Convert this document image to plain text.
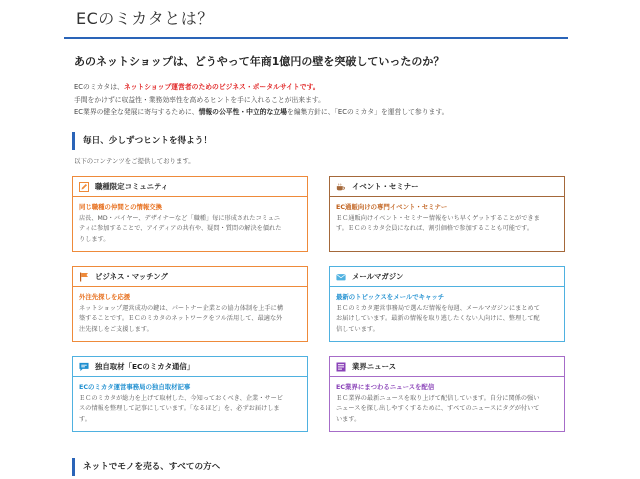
ECのミカタとは？
あのネットショップは、どうやって年商1億円の壁を突破していったのか？
ECのミカタは、ネットショップ運営者のためのビジネス・ポータルサイトです。
手間をかけずに収益性・業務効率性を高めるヒントを手に入れることが出来ます。
EC業界の健全な発展に寄与するために、情報の公平性・中立的な立場を編集方針に、「ECのミカタ」を運営して参ります。
毎日、少しずつヒントを得よう！
以下のコンテンツをご提供しております。
職種限定コミュニティ
同じ職種の仲間との情報交換
店長、MD・バイヤー、デザイナーなど「職種」毎に形成されたコミュニ
ティに参加することで、アイディアの共有や、疑問・質問の解決を價れた
りします。
イベント・セミナー
EC通販向けの専門イベント・セミナー
ＥＣ通販向けイベント・セミナー情報をいち早くゲットすることができま
す。ＥＣのミカタ会員になれば、割引価格で参加することも可能です。
ビジネス・マッチング
外注先探しを応援
ネットショップ運営成功の鍵は、パートナー企業との協力体制を上手に構
築することです。ＥＣのミカタのネットワークをフル活用して、最適な外
注先探しをご支援します。
メールマガジン
最新のトピックスをメールでキャッチ
ＥＣのミカタ運営事務局で選んだ情報を毎週、メールマガジンにまとめて
お届けしています。最新の情報を取り逃したくない人向けに、整理して配
信しています。
独自取材「ECのミカタ通信」
ECのミカタ運営事務局の独自取材記事
ＥＣのミカタが総力を上げて取材した、今知っておくべき、企業・サービ
スの情報を整理して記事にしています。「なるほど」を、必ずお届けしま
す。
業界ニュース
EC業界にまつわるニュースを配信
ＥＣ業界の最新ニュースを取り上げて配信しています。自分に関係の强い
ニュースを探し出しやすくするために、すべてのニュースにタグが付いて
います。
ネットでモノを売る、すべての方へ
